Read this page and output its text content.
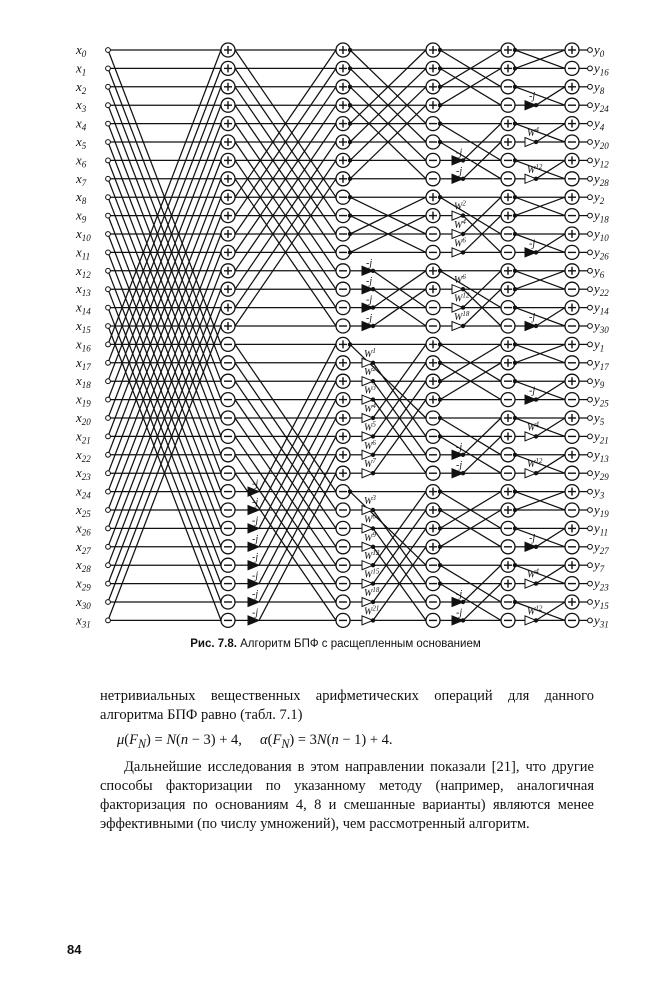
-j
-j
-j
-j
-j
-j
-j
-j
-j
-j
-j
-j
$W^1$
$W^2$
$W^3$
$W^4$
$W^5$
$W^6$
$W^7$
$W^3$
$W^6$
$W^9$
$W^{12}$
$W^{15}$
$W^{18}$
$W^{21}$
-j
-j
-j
-j
-j
-j
$W^2$
$W^4$
$W^6$
$W^6$
$W^{12}$
$W^{18}$
-j
-j
-j
-j
-j
$W^4$
$W^{12}$
$W^4$
$W^{12}$
$W^4$
$W^{12}$
$x_0$
$x_1$
$x_2$
$x_3$
$x_4$
$x_5$
$x_6$
$x_7$
$x_8$
$x_9$
$x_{10}$
$x_{11}$
$x_{12}$
$x_{13}$
$x_{14}$
$x_{15}$
$x_{16}$
$x_{17}$
$x_{18}$
$x_{19}$
$x_{20}$
$x_{21}$
$x_{22}$
$x_{23}$
$x_{24}$
$x_{25}$
$x_{26}$
$x_{27}$
$x_{28}$
$x_{29}$
$x_{30}$
$x_{31}$
$y_0$
$y_{16}$
$y_8$
$y_{24}$
$y_4$
$y_{20}$
$y_{12}$
$y_{28}$
$y_2$
$y_{18}$
$y_{10}$
$y_{26}$
$y_6$
$y_{22}$
$y_{14}$
$y_{30}$
$y_1$
$y_{17}$
$y_9$
$y_{25}$
$y_5$
$y_{21}$
$y_{13}$
$y_{29}$
$y_3$
$y_{19}$
$y_{11}$
$y_{27}$
$y_7$
$y_{23}$
$y_{15}$
$y_{31}$
Рис. 7.8. Алгоритм БПФ с расщепленным основанием
нетривиальных вещественных арифметических операций для данного алгоритма БПФ равно (табл. 7.1)
$\mu(F_N) = N(n - 3) + 4$,     $\alpha(F_N) = 3N(n - 1) + 4$.
Дальнейшие исследования в этом направлении показали [21], что другие способы факторизации по указанному методу (например, аналогичная факторизация по основаниям 4, 8 и смешанные варианты) являются менее эффективными (по числу умножений), чем рассмотренный алгоритм.
84
